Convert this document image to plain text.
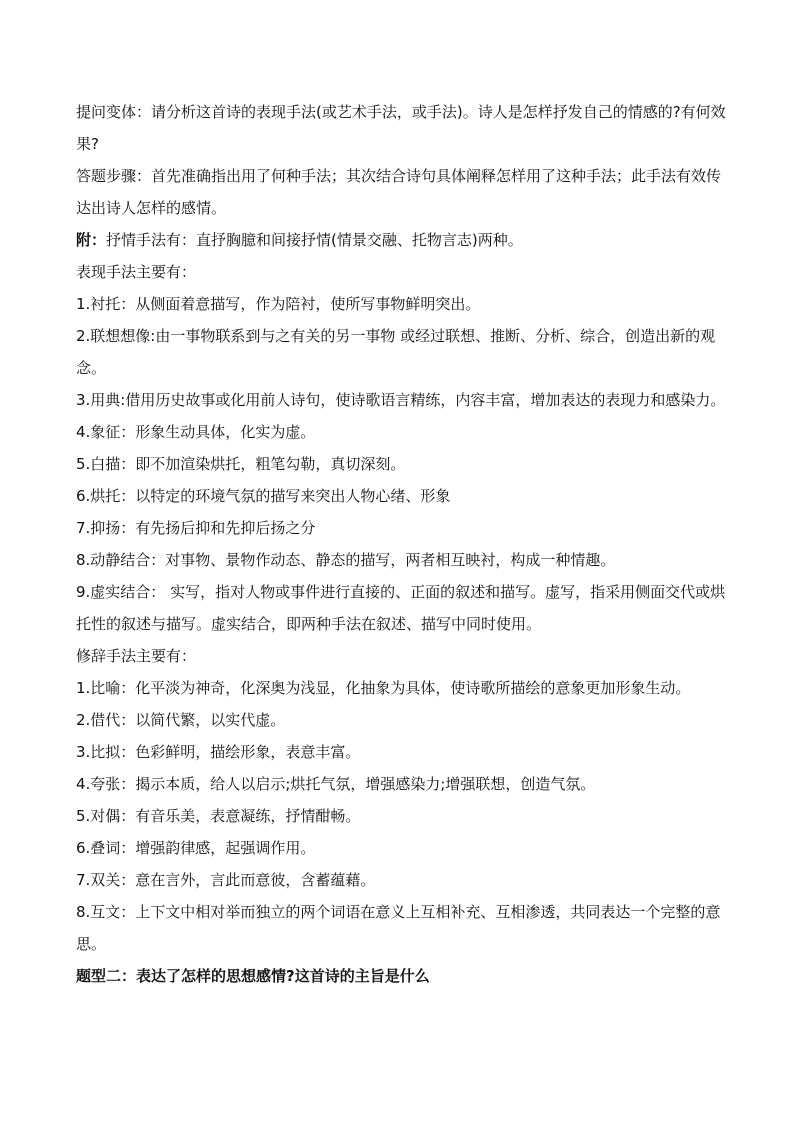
提问变体：请分析这首诗的表现手法(或艺术手法，或手法)。诗人是怎样抒发自己的情感的?有何效果?

答题步骤：首先准确指出用了何种手法；其次结合诗句具体阐释怎样用了这种手法；此手法有效传达出诗人怎样的感情。

附：抒情手法有：直抒胸臆和间接抒情(情景交融、托物言志)两种。

表现手法主要有：

1.衬托：从侧面着意描写，作为陪衬，使所写事物鲜明突出。

2.联想想像:由一事物联系到与之有关的另一事物 或经过联想、推断、分析、综合，创造出新的观念。

3.用典:借用历史故事或化用前人诗句，使诗歌语言精练，内容丰富，增加表达的表现力和感染力。

4.象征：形象生动具体，化实为虚。

5.白描：即不加渲染烘托，粗笔勾勒，真切深刻。

6.烘托：以特定的环境气氛的描写来突出人物心绪、形象

7.抑扬：有先扬后抑和先抑后扬之分

8.动静结合：对事物、景物作动态、静态的描写，两者相互映衬，构成一种情趣。

9.虚实结合： 实写，指对人物或事件进行直接的、正面的叙述和描写。虚写，指采用侧面交代或烘托性的叙述与描写。虚实结合，即两种手法在叙述、描写中同时使用。

修辞手法主要有：

1.比喻：化平淡为神奇，化深奥为浅显，化抽象为具体，使诗歌所描绘的意象更加形象生动。

2.借代：以简代繁，以实代虚。

3.比拟：色彩鲜明，描绘形象，表意丰富。

4.夸张：揭示本质，给人以启示;烘托气氛，增强感染力;增强联想，创造气氛。

5.对偶：有音乐美，表意凝练，抒情酣畅。

6.叠词：增强韵律感，起强调作用。

7.双关：意在言外，言此而意彼，含蓄蕴藉。

8.互文：上下文中相对举而独立的两个词语在意义上互相补充、互相渗透，共同表达一个完整的意思。

题型二：表达了怎样的思想感情?这首诗的主旨是什么
